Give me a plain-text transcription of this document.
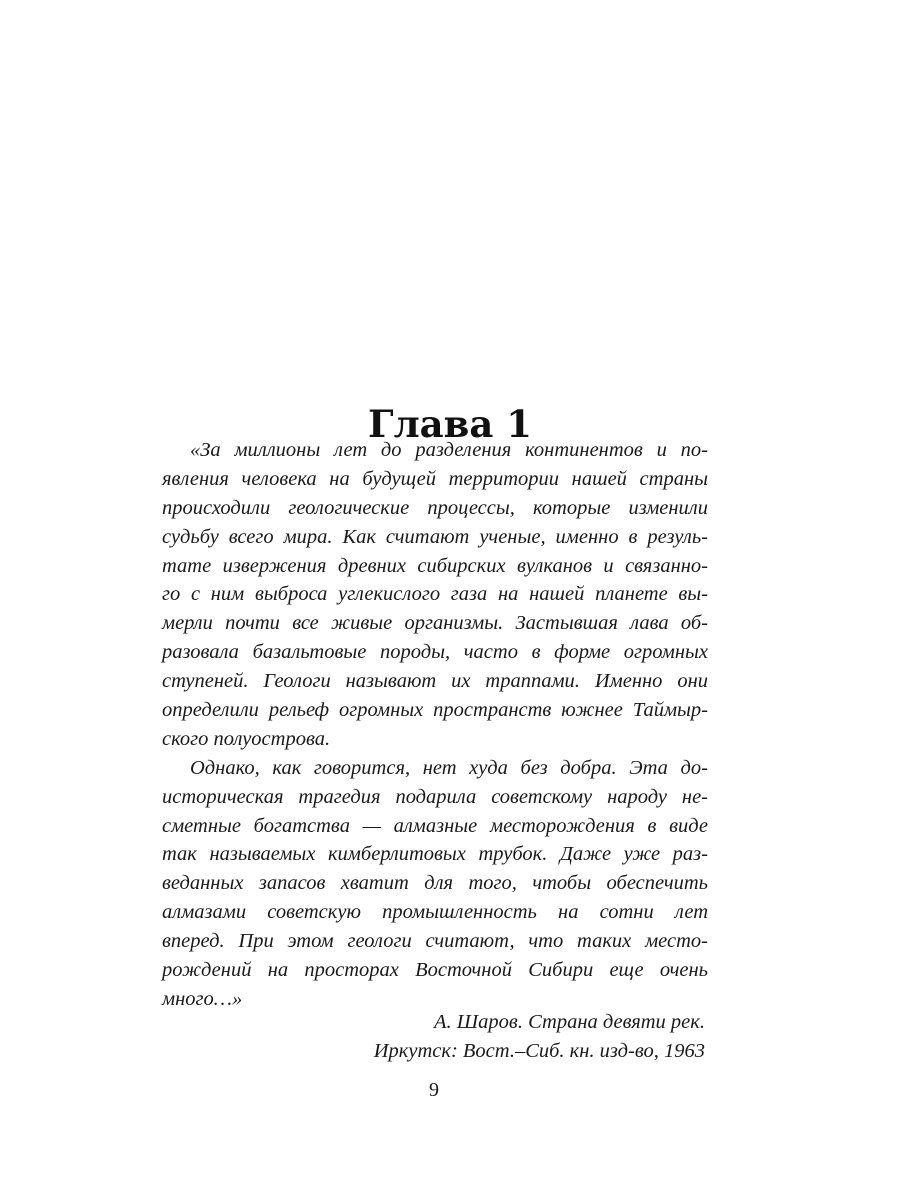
Глава 1

«За миллионы лет до разделения континентов и по-
явления человека на будущей территории нашей страны
происходили геологические процессы, которые изменили
судьбу всего мира. Как считают ученые, именно в резуль-
тате извержения древних сибирских вулканов и связанно-
го с ним выброса углекислого газа на нашей планете вы-
мерли почти все живые организмы. Застывшая лава об-
разовала базальтовые породы, часто в форме огромных
ступеней. Геологи называют их траппами. Именно они
определили рельеф огромных пространств южнее Таймыр-
ского полуострова.

Однако, как говорится, нет худа без добра. Эта до-
историческая трагедия подарила советскому народу не-
сметные богатства — алмазные месторождения в виде
так называемых кимберлитовых трубок. Даже уже раз-
веданных запасов хватит для того, чтобы обеспечить
алмазами советскую промышленность на сотни лет
вперед. При этом геологи считают, что таких место-
рождений на просторах Восточной Сибири еще очень
много…»

А. Шаров. Страна девяти рек.
Иркутск: Вост.–Сиб. кн. изд-во, 1963
9
